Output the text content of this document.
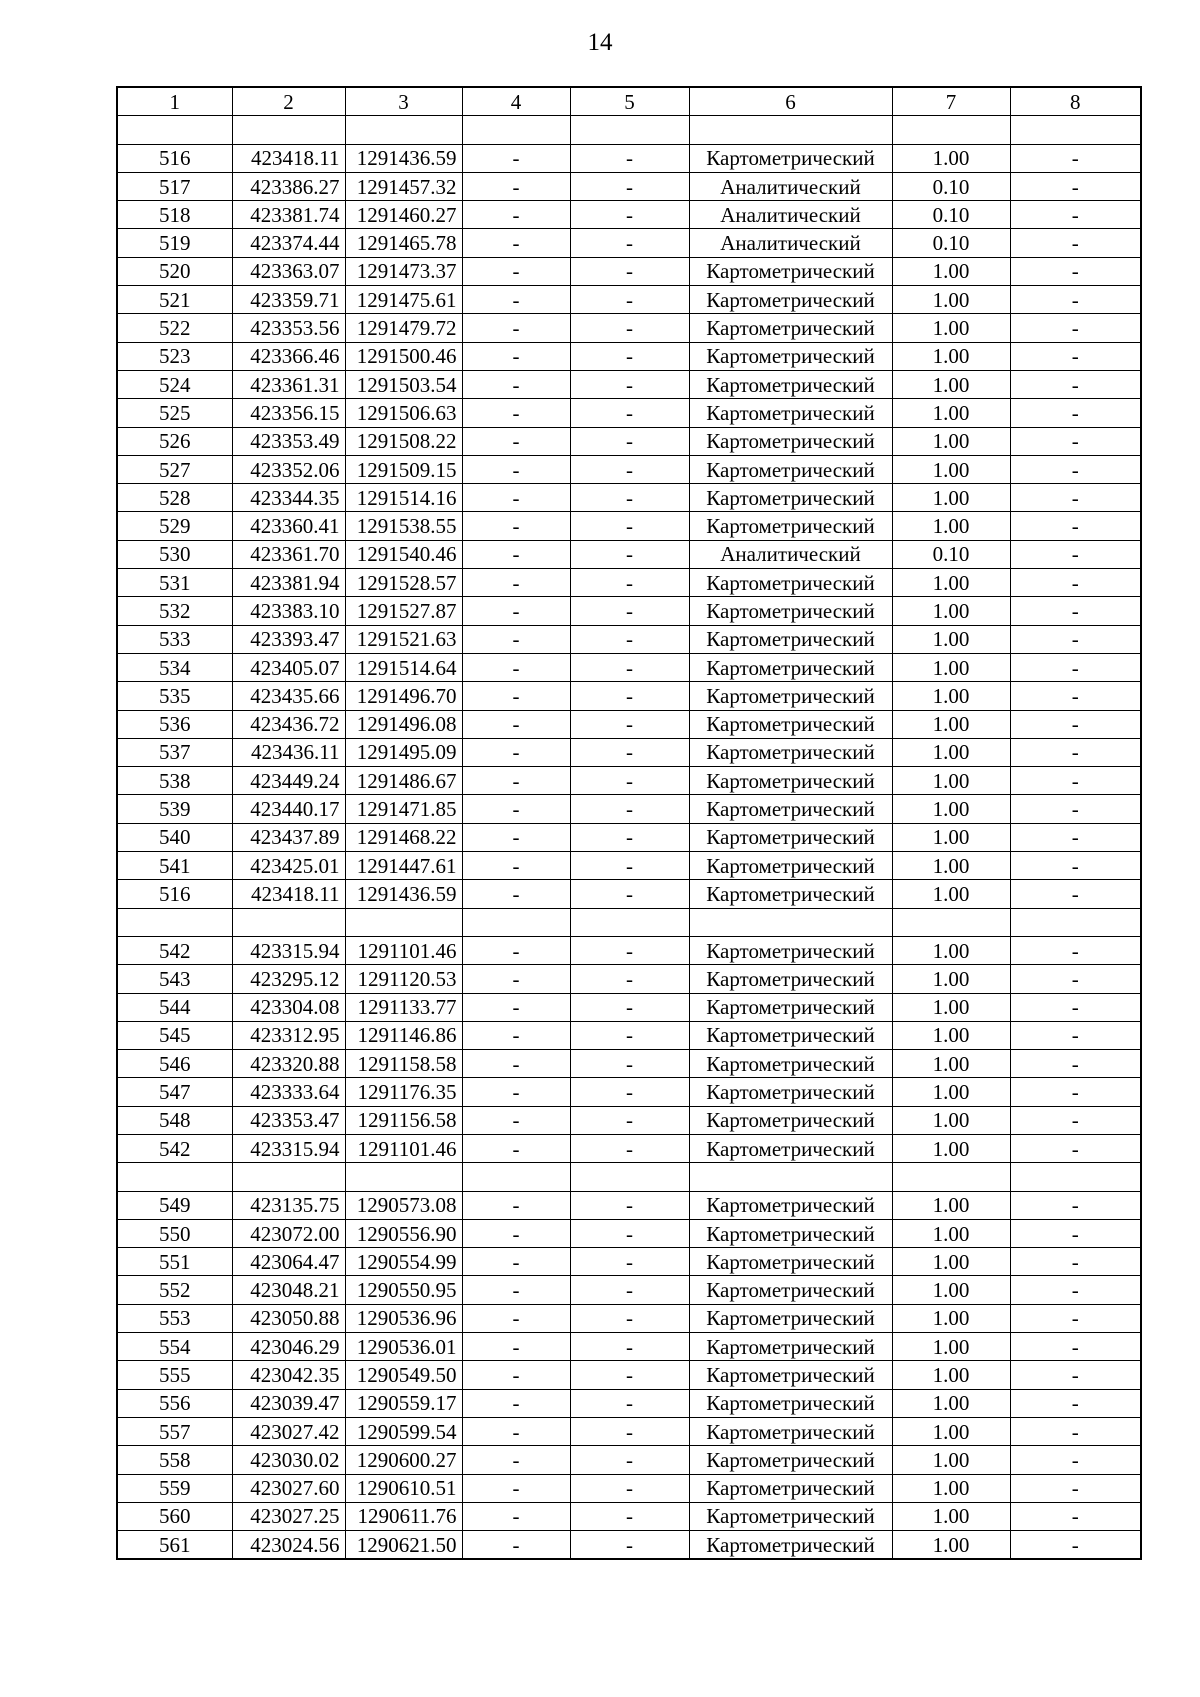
14
1	2	3	4	5	6	7	8

516	423418.11	1291436.59	-	-	Картометрический	1.00	-
517	423386.27	1291457.32	-	-	Аналитический	0.10	-
518	423381.74	1291460.27	-	-	Аналитический	0.10	-
519	423374.44	1291465.78	-	-	Аналитический	0.10	-
520	423363.07	1291473.37	-	-	Картометрический	1.00	-
521	423359.71	1291475.61	-	-	Картометрический	1.00	-
522	423353.56	1291479.72	-	-	Картометрический	1.00	-
523	423366.46	1291500.46	-	-	Картометрический	1.00	-
524	423361.31	1291503.54	-	-	Картометрический	1.00	-
525	423356.15	1291506.63	-	-	Картометрический	1.00	-
526	423353.49	1291508.22	-	-	Картометрический	1.00	-
527	423352.06	1291509.15	-	-	Картометрический	1.00	-
528	423344.35	1291514.16	-	-	Картометрический	1.00	-
529	423360.41	1291538.55	-	-	Картометрический	1.00	-
530	423361.70	1291540.46	-	-	Аналитический	0.10	-
531	423381.94	1291528.57	-	-	Картометрический	1.00	-
532	423383.10	1291527.87	-	-	Картометрический	1.00	-
533	423393.47	1291521.63	-	-	Картометрический	1.00	-
534	423405.07	1291514.64	-	-	Картометрический	1.00	-
535	423435.66	1291496.70	-	-	Картометрический	1.00	-
536	423436.72	1291496.08	-	-	Картометрический	1.00	-
537	423436.11	1291495.09	-	-	Картометрический	1.00	-
538	423449.24	1291486.67	-	-	Картометрический	1.00	-
539	423440.17	1291471.85	-	-	Картометрический	1.00	-
540	423437.89	1291468.22	-	-	Картометрический	1.00	-
541	423425.01	1291447.61	-	-	Картометрический	1.00	-
516	423418.11	1291436.59	-	-	Картометрический	1.00	-

542	423315.94	1291101.46	-	-	Картометрический	1.00	-
543	423295.12	1291120.53	-	-	Картометрический	1.00	-
544	423304.08	1291133.77	-	-	Картометрический	1.00	-
545	423312.95	1291146.86	-	-	Картометрический	1.00	-
546	423320.88	1291158.58	-	-	Картометрический	1.00	-
547	423333.64	1291176.35	-	-	Картометрический	1.00	-
548	423353.47	1291156.58	-	-	Картометрический	1.00	-
542	423315.94	1291101.46	-	-	Картометрический	1.00	-

549	423135.75	1290573.08	-	-	Картометрический	1.00	-
550	423072.00	1290556.90	-	-	Картометрический	1.00	-
551	423064.47	1290554.99	-	-	Картометрический	1.00	-
552	423048.21	1290550.95	-	-	Картометрический	1.00	-
553	423050.88	1290536.96	-	-	Картометрический	1.00	-
554	423046.29	1290536.01	-	-	Картометрический	1.00	-
555	423042.35	1290549.50	-	-	Картометрический	1.00	-
556	423039.47	1290559.17	-	-	Картометрический	1.00	-
557	423027.42	1290599.54	-	-	Картометрический	1.00	-
558	423030.02	1290600.27	-	-	Картометрический	1.00	-
559	423027.60	1290610.51	-	-	Картометрический	1.00	-
560	423027.25	1290611.76	-	-	Картометрический	1.00	-
561	423024.56	1290621.50	-	-	Картометрический	1.00	-
